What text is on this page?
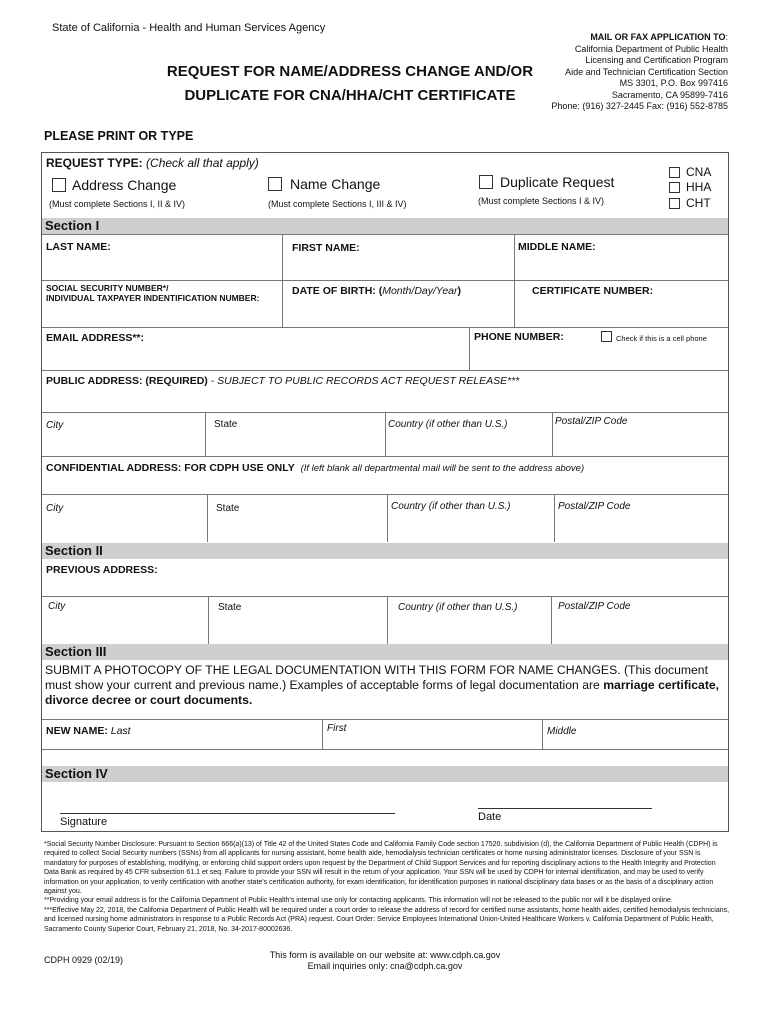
State of California - Health and Human Services Agency
MAIL OR FAX APPLICATION TO:
California Department of Public Health
Licensing and Certification Program
Aide and Technician Certification Section
MS 3301, P.O. Box 997416
Sacramento, CA 95899-7416
Phone: (916) 327-2445 Fax: (916) 552-8785
REQUEST FOR NAME/ADDRESS CHANGE AND/OR
DUPLICATE FOR CNA/HHA/CHT CERTIFICATE
PLEASE PRINT OR TYPE
REQUEST TYPE: (Check all that apply)
Address Change
(Must complete Sections I, II & IV)
Name Change
(Must complete Sections I, III & IV)
Duplicate Request
(Must complete Sections I & IV)
CNA
HHA
CHT
Section I
LAST NAME:	FIRST NAME:	MIDDLE NAME:
SOCIAL SECURITY NUMBER*/
INDIVIDUAL TAXPAYER INDENTIFICATION NUMBER:
DATE OF BIRTH: (Month/Day/Year)	CERTIFICATE NUMBER:
EMAIL ADDRESS**:	PHONE NUMBER:	Check if this is a cell phone
PUBLIC ADDRESS: (REQUIRED) - SUBJECT TO PUBLIC RECORDS ACT REQUEST RELEASE***
City	State	Country (if other than U.S.)	Postal/ZIP Code
CONFIDENTIAL ADDRESS: FOR CDPH USE ONLY (If left blank all departmental mail will be sent to the address above)
City	State	Country (if other than U.S.)	Postal/ZIP Code
Section II
PREVIOUS ADDRESS:
City	State	Country (if other than U.S.)	Postal/ZIP Code
Section III
SUBMIT A PHOTOCOPY OF THE LEGAL DOCUMENTATION WITH THIS FORM FOR NAME CHANGES. (This document must show your current and previous name.) Examples of acceptable forms of legal documentation are marriage certificate, divorce decree or court documents.
NEW NAME: Last	First	Middle
Section IV
Signature	Date
*Social Security Number Disclosure: Pursuant to Section 666(a)(13) of Title 42 of the United States Code and California Family Code section 17520. subdivision (d), the California Department of Public Health (CDPH) is required to collect Social Security numbers (SSNs) from all applicants for nursing assistant, home health aide, hemodialysis technician certificates or home nursing administrator licenses. Disclosure of your SSN is mandatory for purposes of establishing, modifying, or enforcing child support orders upon request by the Department of Child Support Services and for reporting disciplinary actions to the Health Integrity and Protection Data Bank as required by 45 CFR subsection 61.1 et seq. Failure to provide your SSN will result in the return of your application. Your SSN will be used by CDPH for internal identification, and may be used to verify information on your application, to verify certification with another state's certification authority, for exam identification, for identification purposes in national disciplinary data bases or as the basis of a disciplinary action against you.
**Providing your email address is for the California Department of Public Health's internal use only for contacting applicants. This information will not be released to the public nor will it be displayed online.
***Effective May 22, 2018, the California Department of Public Health will be required under a court order to release the address of record for certified nurse assistants, home health aides, certified hemodialysis technicians, and licensed nursing home administrators in response to a Public Records Act (PRA) request. Court Order: Service Employees International Union-United Healthcare Workers v. California Department of Public Health, Sacramento County Superior Court, February 21, 2018, No. 34-2017-80002636.
CDPH 0929 (02/19)	This form is available on our website at: www.cdph.ca.gov
Email inquiries only: cna@cdph.ca.gov
